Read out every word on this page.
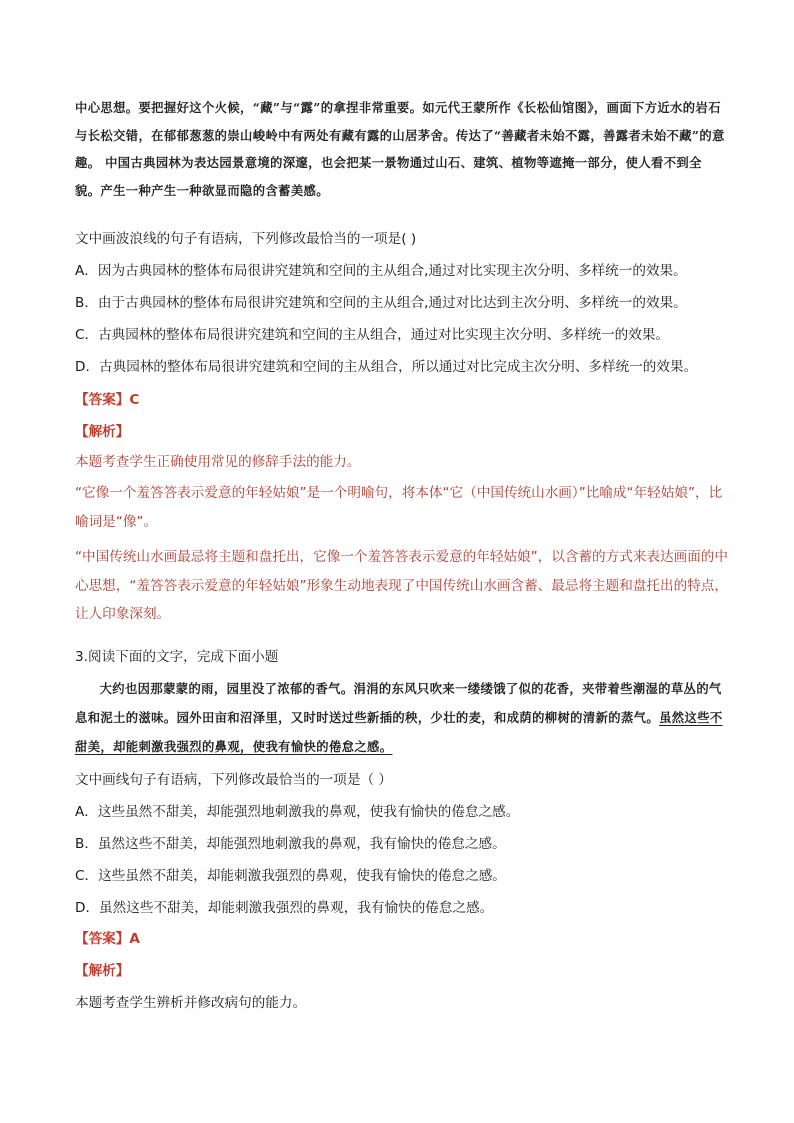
中心思想。要把握好这个火候，“藏”与“露”的拿捏非常重要。如元代王蒙所作《长松仙馆图》，画面下方近水的岩石与长松交错，在郁郁葱葱的崇山峻岭中有两处有藏有露的山居茅舍。传达了“善藏者未始不露，善露者未始不藏”的意趣。 中国古典园林为表达园景意境的深邃，也会把某一景物通过山石、建筑、植物等遮掩一部分，使人看不到全貌。产生一种产生一种欲显而隐的含蓄美感。
文中画波浪线的句子有语病，下列修改最恰当的一项是( )
A．因为古典园林的整体布局很讲究建筑和空间的主从组合,通过对比实现主次分明、多样统一的效果。
B．由于古典园林的整体布局很讲究建筑和空间的主从组合,通过对比达到主次分明、多样统一的效果。
C．古典园林的整体布局很讲究建筑和空间的主从组合，通过对比实现主次分明、多样统一的效果。
D．古典园林的整体布局很讲究建筑和空间的主从组合，所以通过对比完成主次分明、多样统一的效果。
【答案】C
【解析】
本题考查学生正确使用常见的修辞手法的能力。
“它像一个羞答答表示爱意的年轻姑娘”是一个明喻句，将本体“它（中国传统山水画）”比喻成“年轻姑娘”，比喻词是“像”。
“中国传统山水画最忌将主题和盘托出，它像一个羞答答表示爱意的年轻姑娘”，以含蓄的方式来表达画面的中心思想，“羞答答表示爱意的年轻姑娘”形象生动地表现了中国传统山水画含蓄、最忌将主题和盘托出的特点，让人印象深刻。
3.阅读下面的文字，完成下面小题
大约也因那蒙蒙的雨，园里没了浓郁的香气。涓涓的东风只吹来一缕缕饿了似的花香，夹带着些潮湿的草丛的气息和泥土的滋味。园外田亩和沼泽里，又时时送过些新插的秧，少壮的麦，和成荫的柳树的清新的蒸气。虽然这些不甜美，却能刺激我强烈的鼻观，使我有愉快的倦怠之感。
文中画线句子有语病，下列修改最恰当的一项是（ ）
A．这些虽然不甜美，却能强烈地刺激我的鼻观，使我有愉快的倦怠之感。
B．虽然这些不甜美，却能强烈地刺激我的鼻观，我有愉快的倦怠之感。
C．这些虽然不甜美，却能刺激我强烈的鼻观，使我有愉快的倦怠之感。
D．虽然这些不甜美，却能刺激我强烈的鼻观，我有愉快的倦怠之感。
【答案】A
【解析】
本题考查学生辨析并修改病句的能力。
